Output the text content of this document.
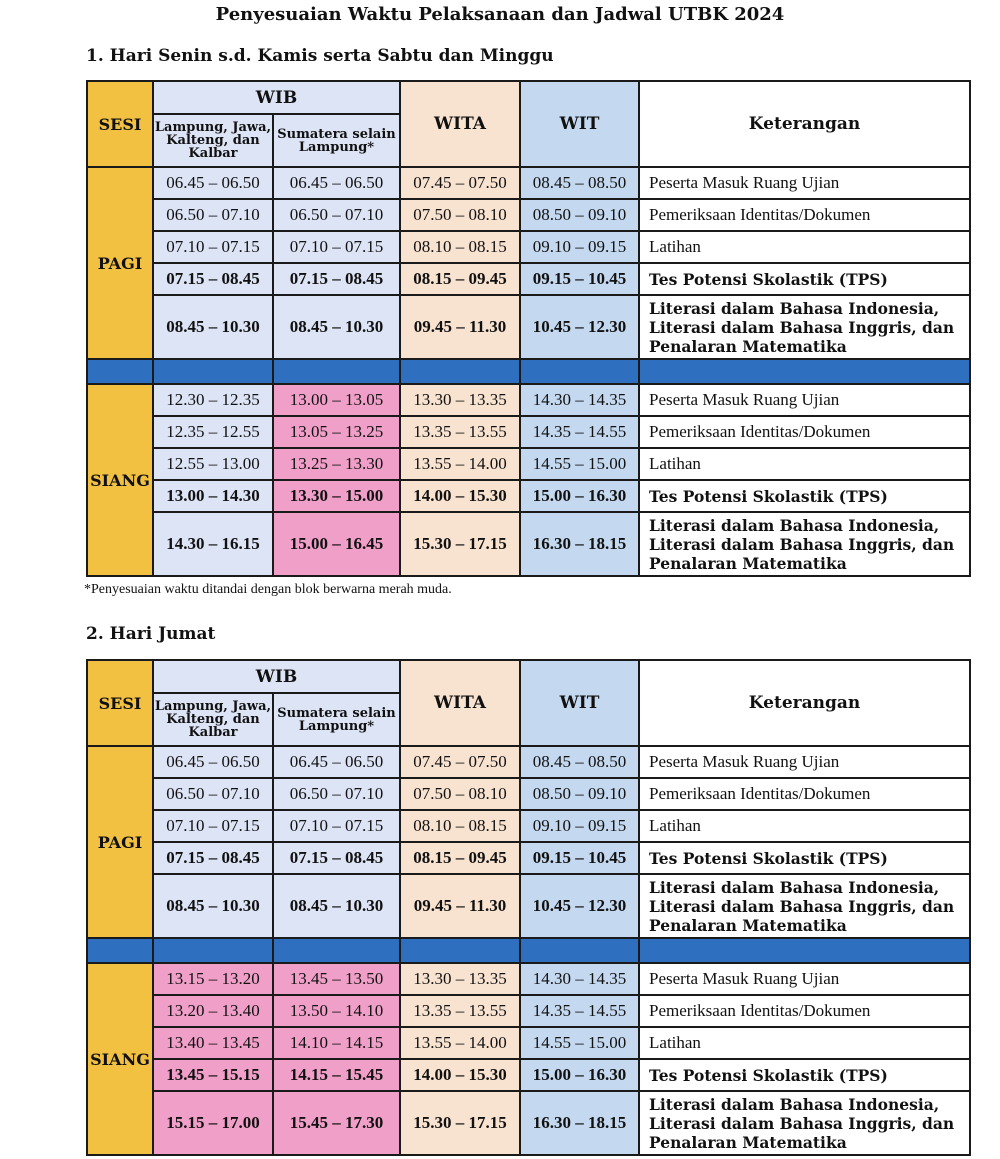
Penyesuaian Waktu Pelaksanaan dan Jadwal UTBK 2024
1. Hari Senin s.d. Kamis serta Sabtu dan Minggu
SESI	WIB		WITA	WIT	Keterangan
	Lampung, Jawa, Kalteng, dan Kalbar	Sumatera selain Lampung*			
PAGI	06.45 – 06.50	06.45 – 06.50	07.45 – 07.50	08.45 – 08.50	Peserta Masuk Ruang Ujian
	06.50 – 07.10	06.50 – 07.10	07.50 – 08.10	08.50 – 09.10	Pemeriksaan Identitas/Dokumen
	07.10 – 07.15	07.10 – 07.15	08.10 – 08.15	09.10 – 09.15	Latihan
	07.15 – 08.45	07.15 – 08.45	08.15 – 09.45	09.15 – 10.45	Tes Potensi Skolastik (TPS)
	08.45 – 10.30	08.45 – 10.30	09.45 – 11.30	10.45 – 12.30	Literasi dalam Bahasa Indonesia, Literasi dalam Bahasa Inggris, dan Penalaran Matematika

SIANG	12.30 – 12.35	13.00 – 13.05	13.30 – 13.35	14.30 – 14.35	Peserta Masuk Ruang Ujian
	12.35 – 12.55	13.05 – 13.25	13.35 – 13.55	14.35 – 14.55	Pemeriksaan Identitas/Dokumen
	12.55 – 13.00	13.25 – 13.30	13.55 – 14.00	14.55 – 15.00	Latihan
	13.00 – 14.30	13.30 – 15.00	14.00 – 15.30	15.00 – 16.30	Tes Potensi Skolastik (TPS)
	14.30 – 16.15	15.00 – 16.45	15.30 – 17.15	16.30 – 18.15	Literasi dalam Bahasa Indonesia, Literasi dalam Bahasa Inggris, dan Penalaran Matematika
*Penyesuaian waktu ditandai dengan blok berwarna merah muda.
2. Hari Jumat
SESI	WIB		WITA	WIT	Keterangan
	Lampung, Jawa, Kalteng, dan Kalbar	Sumatera selain Lampung*			
PAGI	06.45 – 06.50	06.45 – 06.50	07.45 – 07.50	08.45 – 08.50	Peserta Masuk Ruang Ujian
	06.50 – 07.10	06.50 – 07.10	07.50 – 08.10	08.50 – 09.10	Pemeriksaan Identitas/Dokumen
	07.10 – 07.15	07.10 – 07.15	08.10 – 08.15	09.10 – 09.15	Latihan
	07.15 – 08.45	07.15 – 08.45	08.15 – 09.45	09.15 – 10.45	Tes Potensi Skolastik (TPS)
	08.45 – 10.30	08.45 – 10.30	09.45 – 11.30	10.45 – 12.30	Literasi dalam Bahasa Indonesia, Literasi dalam Bahasa Inggris, dan Penalaran Matematika

SIANG	13.15 – 13.20	13.45 – 13.50	13.30 – 13.35	14.30 – 14.35	Peserta Masuk Ruang Ujian
	13.20 – 13.40	13.50 – 14.10	13.35 – 13.55	14.35 – 14.55	Pemeriksaan Identitas/Dokumen
	13.40 – 13.45	14.10 – 14.15	13.55 – 14.00	14.55 – 15.00	Latihan
	13.45 – 15.15	14.15 – 15.45	14.00 – 15.30	15.00 – 16.30	Tes Potensi Skolastik (TPS)
	15.15 – 17.00	15.45 – 17.30	15.30 – 17.15	16.30 – 18.15	Literasi dalam Bahasa Indonesia, Literasi dalam Bahasa Inggris, dan Penalaran Matematika
